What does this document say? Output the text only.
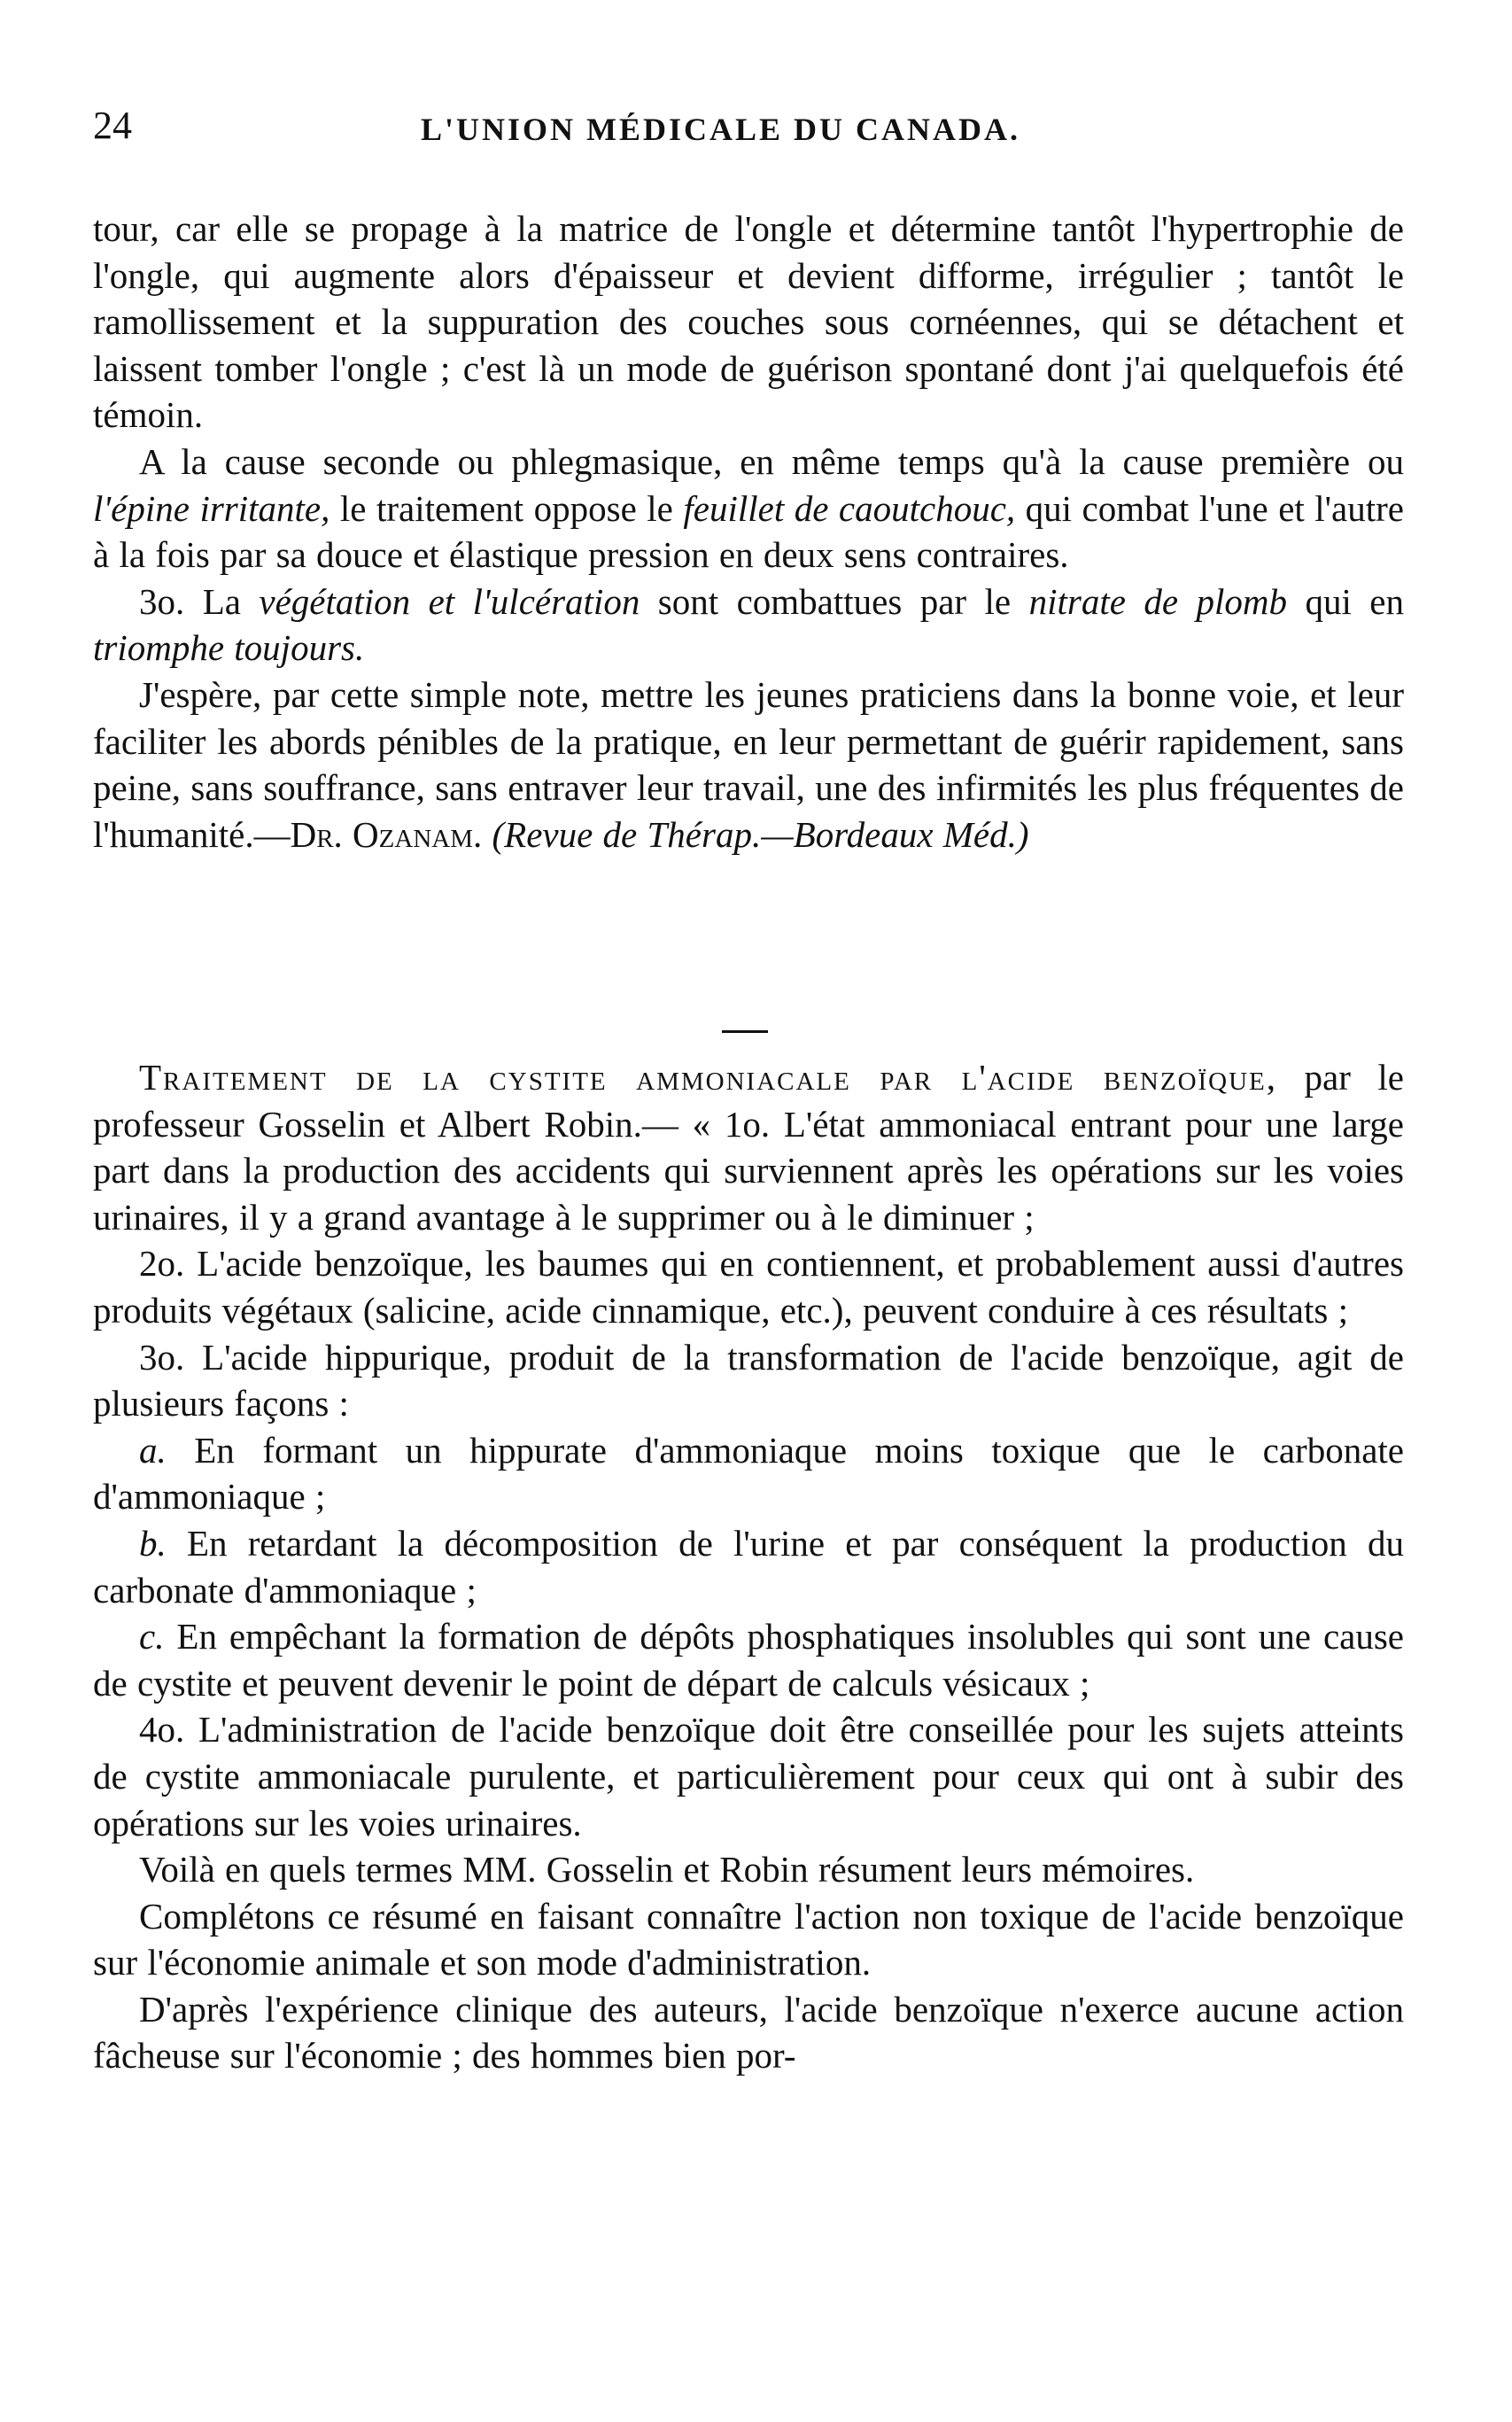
24	L'UNION MÉDICALE DU CANADA.

tour, car elle se propage à la matrice de l'ongle et détermine tantôt l'hypertrophie de l'ongle, qui augmente alors d'épaisseur et devient difforme, irrégulier ; tantôt le ramollissement et la suppuration des couches sous cornéennes, qui se détachent et laissent tomber l'ongle ; c'est là un mode de guérison spontané dont j'ai quelquefois été témoin.

A la cause seconde ou phlegmasique, en même temps qu'à la cause première ou l'épine irritante, le traitement oppose le feuillet de caoutchouc, qui combat l'une et l'autre à la fois par sa douce et élastique pression en deux sens contraires.

3o. La végétation et l'ulcération sont combattues par le nitrate de plomb qui en triomphe toujours.

J'espère, par cette simple note, mettre les jeunes praticiens dans la bonne voie, et leur faciliter les abords pénibles de la pratique, en leur permettant de guérir rapidement, sans peine, sans souffrance, sans entraver leur travail, une des infirmités les plus fréquentes de l'humanité.—Dr. Ozanam. (Revue de Thérap.—Bordeaux Méd.)

Traitement de la cystite ammoniacale par l'acide benzoïque, par le professeur Gosselin et Albert Robin.— « 1o. L'état ammoniacal entrant pour une large part dans la production des accidents qui surviennent après les opérations sur les voies urinaires, il y a grand avantage à le supprimer ou à le diminuer ;

2o. L'acide benzoïque, les baumes qui en contiennent, et probablement aussi d'autres produits végétaux (salicine, acide cinnamique, etc.), peuvent conduire à ces résultats ;

3o. L'acide hippurique, produit de la transformation de l'acide benzoïque, agit de plusieurs façons :

a. En formant un hippurate d'ammoniaque moins toxique que le carbonate d'ammoniaque ;

b. En retardant la décomposition de l'urine et par conséquent la production du carbonate d'ammoniaque ;

c. En empêchant la formation de dépôts phosphatiques insolubles qui sont une cause de cystite et peuvent devenir le point de départ de calculs vésicaux ;

4o. L'administration de l'acide benzoïque doit être conseillée pour les sujets atteints de cystite ammoniacale purulente, et particulièrement pour ceux qui ont à subir des opérations sur les voies urinaires.

Voilà en quels termes MM. Gosselin et Robin résument leurs mémoires.

Complétons ce résumé en faisant connaître l'action non toxique de l'acide benzoïque sur l'économie animale et son mode d'administration.

D'après l'expérience clinique des auteurs, l'acide benzoïque n'exerce aucune action fâcheuse sur l'économie ; des hommes bien por-
